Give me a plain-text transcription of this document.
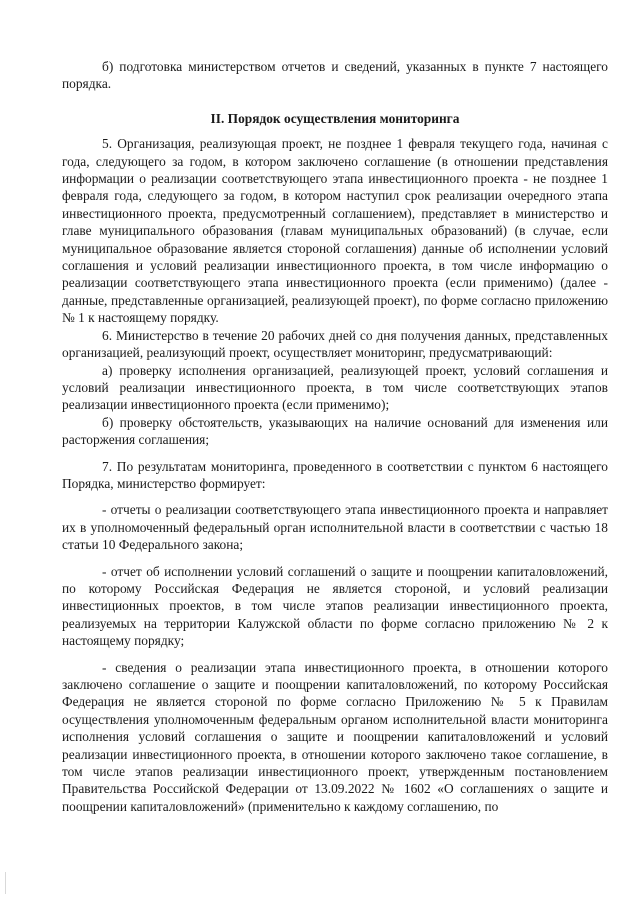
б) подготовка министерством отчетов и сведений, указанных в пункте 7 настоящего порядка.

II. Порядок осуществления мониторинга

5. Организация, реализующая проект, не позднее 1 февраля текущего года, начиная с года, следующего за годом, в котором заключено соглашение (в отношении представления информации о реализации соответствующего этапа инвестиционного проекта - не позднее 1 февраля года, следующего за годом, в котором наступил срок реализации очередного этапа инвестиционного проекта, предусмотренный соглашением), представляет в министерство и главе муниципального образования (главам муниципальных образований) (в случае, если муниципальное образование является стороной соглашения) данные об исполнении условий соглашения и условий реализации инвестиционного проекта, в том числе информацию о реализации соответствующего этапа инвестиционного проекта (если применимо) (далее - данные, представленные организацией, реализующей проект), по форме согласно приложению № 1 к настоящему порядку.

6. Министерство в течение 20 рабочих дней со дня получения данных, представленных организацией, реализующий проект, осуществляет мониторинг, предусматривающий:

а) проверку исполнения организацией, реализующей проект, условий соглашения и условий реализации инвестиционного проекта, в том числе соответствующих этапов реализации инвестиционного проекта (если применимо);

б) проверку обстоятельств, указывающих на наличие оснований для изменения или расторжения соглашения;

7. По результатам мониторинга, проведенного в соответствии с пунктом 6 настоящего Порядка, министерство формирует:

- отчеты о реализации соответствующего этапа инвестиционного проекта и направляет их в уполномоченный федеральный орган исполнительной власти в соответствии с частью 18 статьи 10 Федерального закона;

- отчет об исполнении условий соглашений о защите и поощрении капиталовложений, по которому Российская Федерация не является стороной, и условий реализации инвестиционных проектов, в том числе этапов реализации инвестиционного проекта, реализуемых на территории Калужской области по форме согласно приложению № 2 к настоящему порядку;

- сведения о реализации этапа инвестиционного проекта, в отношении которого заключено соглашение о защите и поощрении капиталовложений, по которому Российская Федерация не является стороной по форме согласно Приложению № 5 к Правилам осуществления уполномоченным федеральным органом исполнительной власти мониторинга исполнения условий соглашения о защите и поощрении капиталовложений и условий реализации инвестиционного проекта, в отношении которого заключено такое соглашение, в том числе этапов реализации инвестиционного проект, утвержденным постановлением Правительства Российской Федерации от 13.09.2022 № 1602 «О соглашениях о защите и поощрении капиталовложений» (применительно к каждому соглашению, по
